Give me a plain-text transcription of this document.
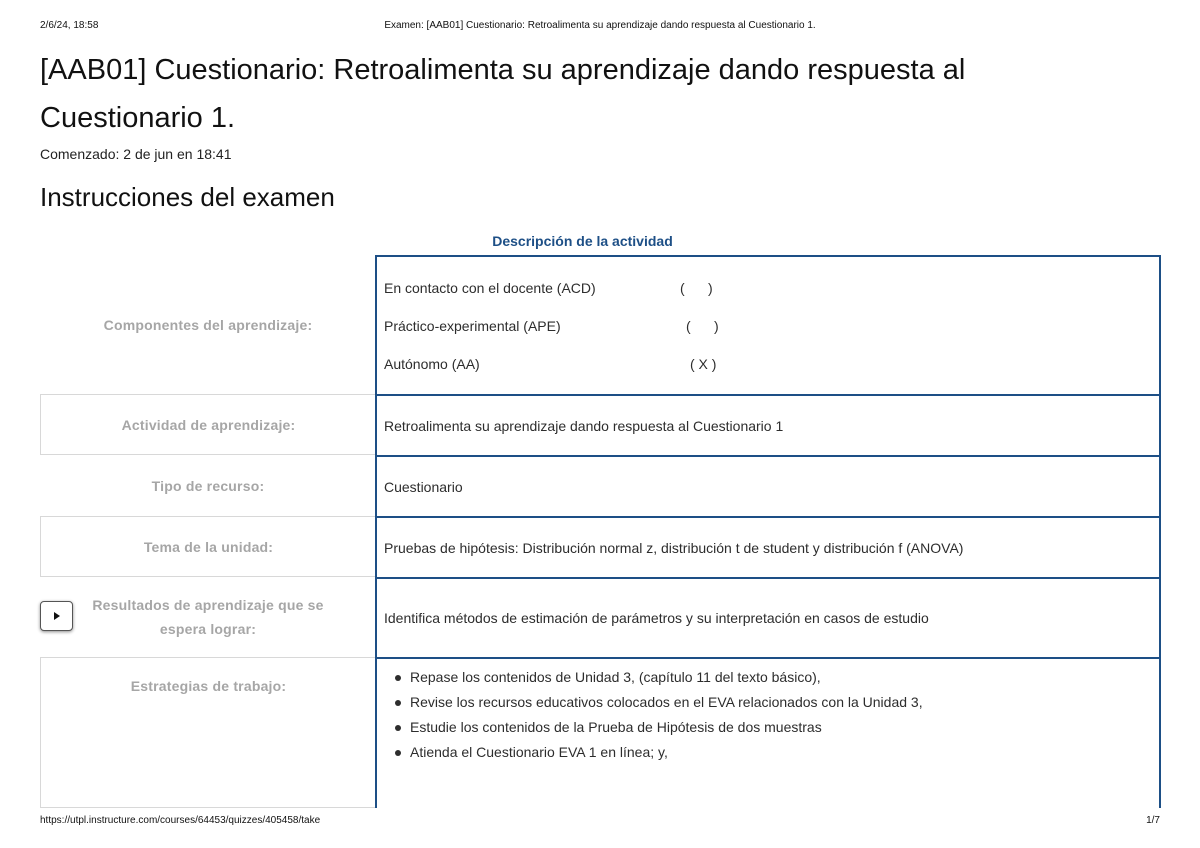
2/6/24, 18:58	Examen: [AAB01] Cuestionario: Retroalimenta su aprendizaje dando respuesta al Cuestionario 1.
[AAB01] Cuestionario: Retroalimenta su aprendizaje dando respuesta al Cuestionario 1.
Comenzado: 2 de jun en 18:41
Instrucciones del examen
Descripción de la actividad
Componentes del aprendizaje:
En contacto con el docente (ACD)	(      )
Práctico-experimental (APE)	(      )
Autónomo (AA)	( X )
Actividad de aprendizaje:	Retroalimenta su aprendizaje dando respuesta al Cuestionario 1
Tipo de recurso:	Cuestionario
Tema de la unidad:	Pruebas de hipótesis: Distribución normal z, distribución t de student y distribución f (ANOVA)
Resultados de aprendizaje que se espera lograr:
Identifica métodos de estimación de parámetros y su interpretación en casos de estudio
Estrategias de trabajo:
Repase los contenidos de Unidad 3, (capítulo 11 del texto básico),
Revise los recursos educativos colocados en el EVA relacionados con la Unidad 3,
Estudie los contenidos de la Prueba de Hipótesis de dos muestras
Atienda el Cuestionario EVA 1 en línea; y,
https://utpl.instructure.com/courses/64453/quizzes/405458/take	1/7
